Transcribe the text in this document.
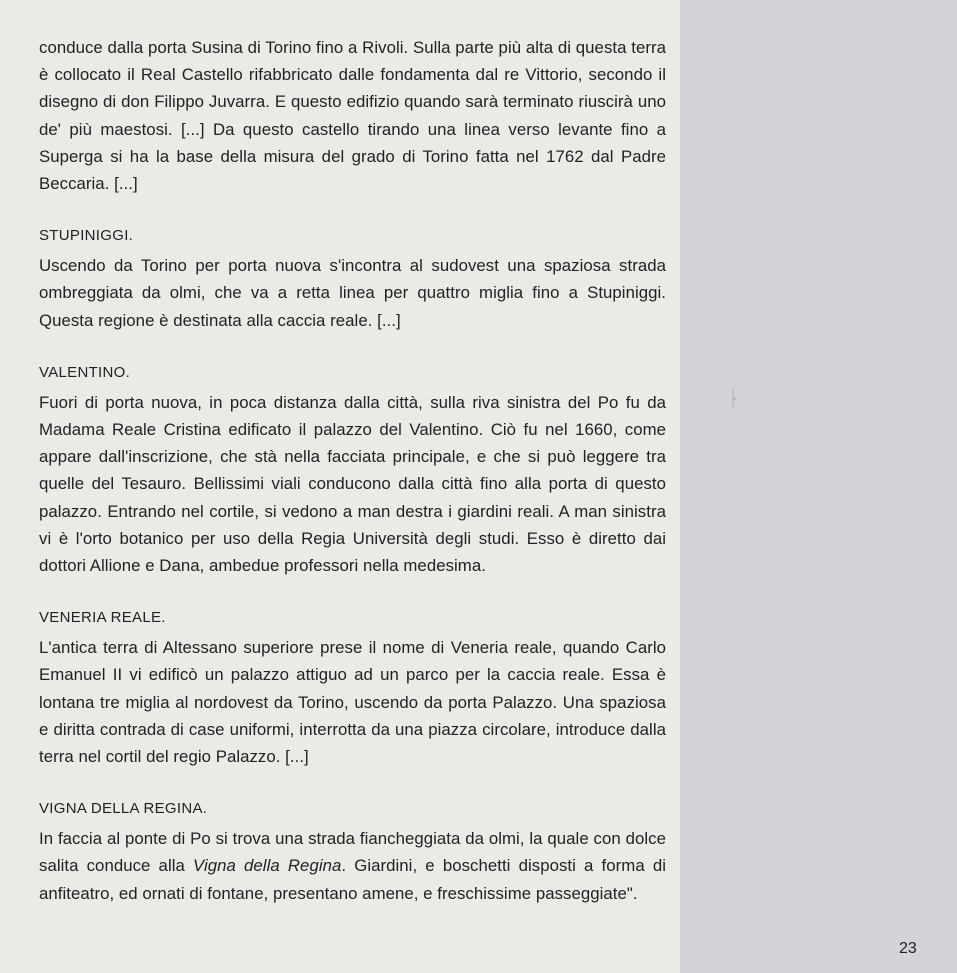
conduce dalla porta Susina di Torino fino a Rivoli. Sulla parte più alta di questa terra è collocato il Real Castello rifabbricato dalle fondamenta dal re Vittorio, secondo il disegno di don Filippo Juvarra. E questo edifizio quando sarà terminato riuscirà uno de' più maestosi. [...] Da questo castello tirando una linea verso levante fino a Superga si ha la base della misura del grado di Torino fatta nel 1762 dal Padre Beccaria. [...]

STUPINIGGI.

Uscendo da Torino per porta nuova s'incontra al sudovest una spaziosa strada ombreggiata da olmi, che va a retta linea per quattro miglia fino a Stupiniggi. Questa regione è destinata alla caccia reale. [...]

VALENTINO.

Fuori di porta nuova, in poca distanza dalla città, sulla riva sinistra del Po fu da Madama Reale Cristina edificato il palazzo del Valentino. Ciò fu nel 1660, come appare dall'inscrizione, che stà nella facciata principale, e che si può leggere tra quelle del Tesauro. Bellissimi viali conducono dalla città fino alla porta di questo palazzo. Entrando nel cortile, si vedono a man destra i giardini reali. A man sinistra vi è l'orto botanico per uso della Regia Università degli studi. Esso è diretto dai dottori Allione e Dana, ambedue professori nella medesima.

VENERIA REALE.

L'antica terra di Altessano superiore prese il nome di Veneria reale, quando Carlo Emanuel II vi edificò un palazzo attiguo ad un parco per la caccia reale. Essa è lontana tre miglia al nordovest da Torino, uscendo da porta Palazzo. Una spaziosa e diritta contrada di case uniformi, interrotta da una piazza circolare, introduce dalla terra nel cortil del regio Palazzo. [...]

VIGNA DELLA REGINA.

In faccia al ponte di Po si trova una strada fiancheggiata da olmi, la quale con dolce salita conduce alla Vigna della Regina. Giardini, e boschetti disposti a forma di anfiteatro, ed ornati di fontane, presentano amene, e freschissime passeggiate".

23
